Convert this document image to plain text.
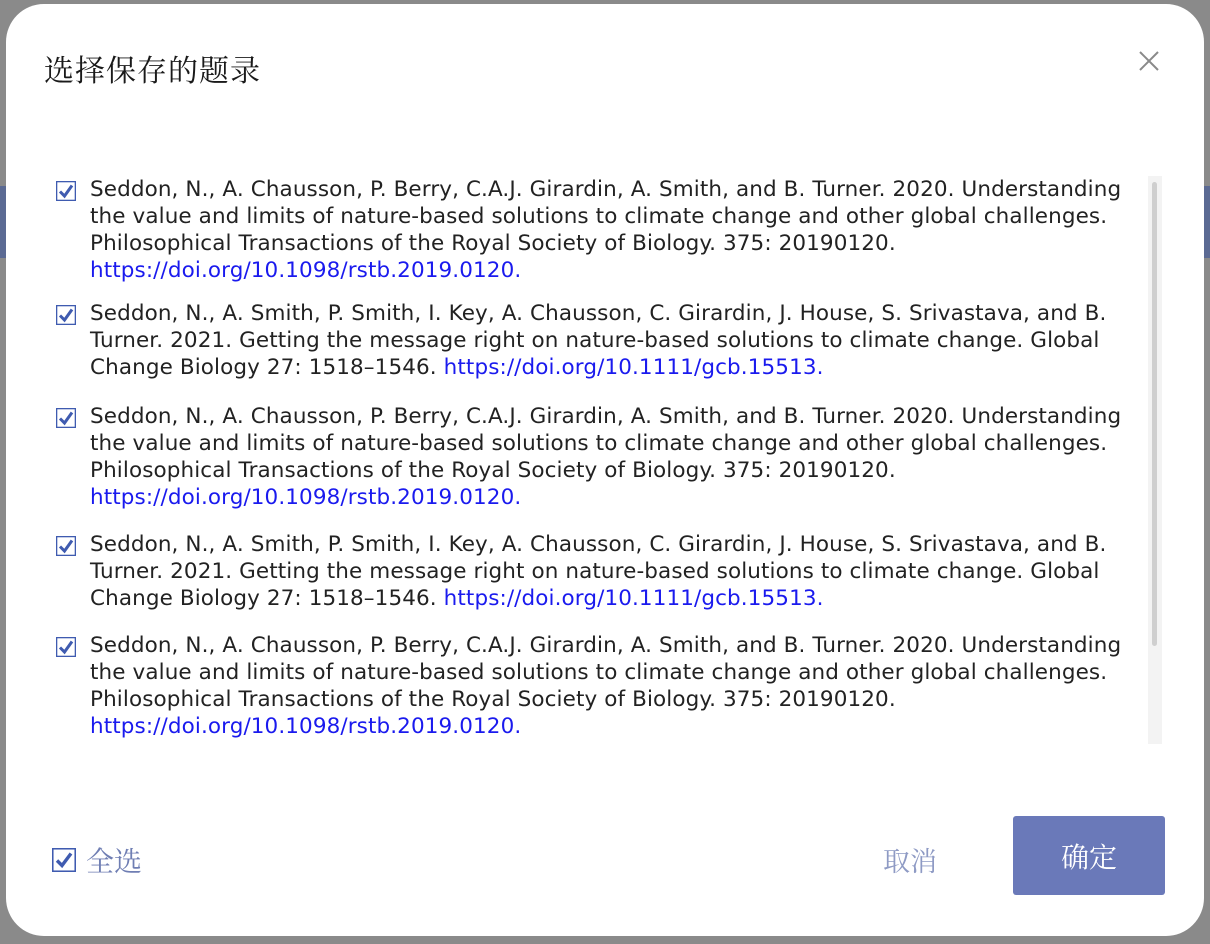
选择保存的题录
Seddon, N., A. Chausson, P. Berry, C.A.J. Girardin, A. Smith, and B. Turner. 2020. Understanding the value and limits of nature-based solutions to climate change and other global challenges. Philosophical Transactions of the Royal Society of Biology. 375: 20190120. https://doi.org/10.1098/rstb.2019.0120.
Seddon, N., A. Smith, P. Smith, I. Key, A. Chausson, C. Girardin, J. House, S. Srivastava, and B. Turner. 2021. Getting the message right on nature-based solutions to climate change. Global Change Biology 27: 1518–1546. https://doi.org/10.1111/gcb.15513.
Seddon, N., A. Chausson, P. Berry, C.A.J. Girardin, A. Smith, and B. Turner. 2020. Understanding the value and limits of nature-based solutions to climate change and other global challenges. Philosophical Transactions of the Royal Society of Biology. 375: 20190120. https://doi.org/10.1098/rstb.2019.0120.
Seddon, N., A. Smith, P. Smith, I. Key, A. Chausson, C. Girardin, J. House, S. Srivastava, and B. Turner. 2021. Getting the message right on nature-based solutions to climate change. Global Change Biology 27: 1518–1546. https://doi.org/10.1111/gcb.15513.
Seddon, N., A. Chausson, P. Berry, C.A.J. Girardin, A. Smith, and B. Turner. 2020. Understanding the value and limits of nature-based solutions to climate change and other global challenges. Philosophical Transactions of the Royal Society of Biology. 375: 20190120. https://doi.org/10.1098/rstb.2019.0120.
全选	取消	确定
